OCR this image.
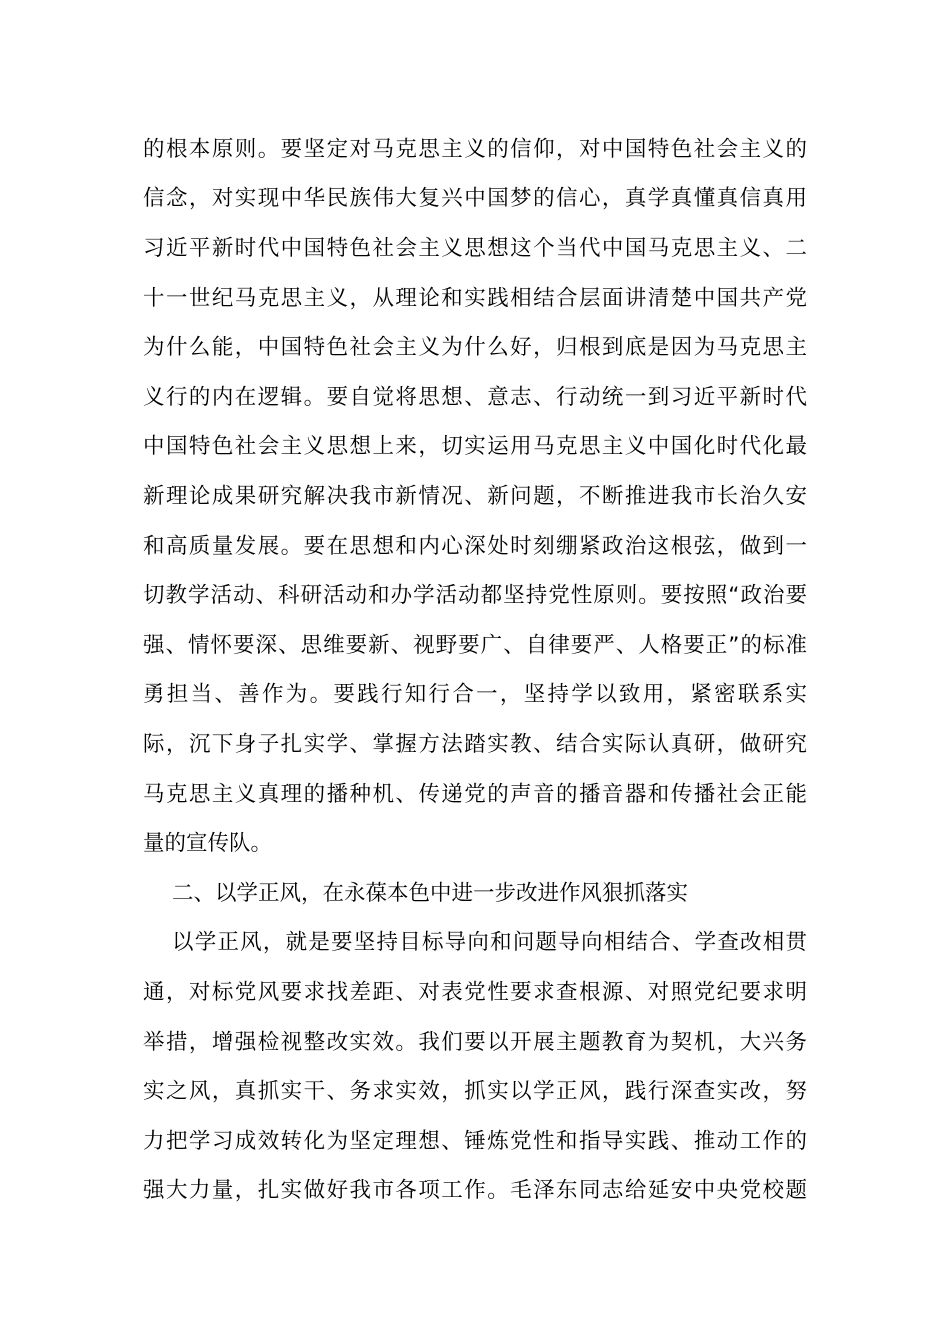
的根本原则。要坚定对马克思主义的信仰，对中国特色社会主义的
信念，对实现中华民族伟大复兴中国梦的信心，真学真懂真信真用
习近平新时代中国特色社会主义思想这个当代中国马克思主义、二
十一世纪马克思主义，从理论和实践相结合层面讲清楚中国共产党
为什么能，中国特色社会主义为什么好，归根到底是因为马克思主
义行的内在逻辑。要自觉将思想、意志、行动统一到习近平新时代
中国特色社会主义思想上来，切实运用马克思主义中国化时代化最
新理论成果研究解决我市新情况、新问题，不断推进我市长治久安
和高质量发展。要在思想和内心深处时刻绷紧政治这根弦，做到一
切教学活动、科研活动和办学活动都坚持党性原则。要按照“政治要
强、情怀要深、思维要新、视野要广、自律要严、人格要正”的标准
勇担当、善作为。要践行知行合一，坚持学以致用，紧密联系实
际，沉下身子扎实学、掌握方法踏实教、结合实际认真研，做研究
马克思主义真理的播种机、传递党的声音的播音器和传播社会正能
量的宣传队。
二、以学正风，在永葆本色中进一步改进作风狠抓落实
以学正风，就是要坚持目标导向和问题导向相结合、学查改相贯
通，对标党风要求找差距、对表党性要求查根源、对照党纪要求明
举措，增强检视整改实效。我们要以开展主题教育为契机，大兴务
实之风，真抓实干、务求实效，抓实以学正风，践行深查实改，努
力把学习成效转化为坚定理想、锤炼党性和指导实践、推动工作的
强大力量，扎实做好我市各项工作。毛泽东同志给延安中央党校题
